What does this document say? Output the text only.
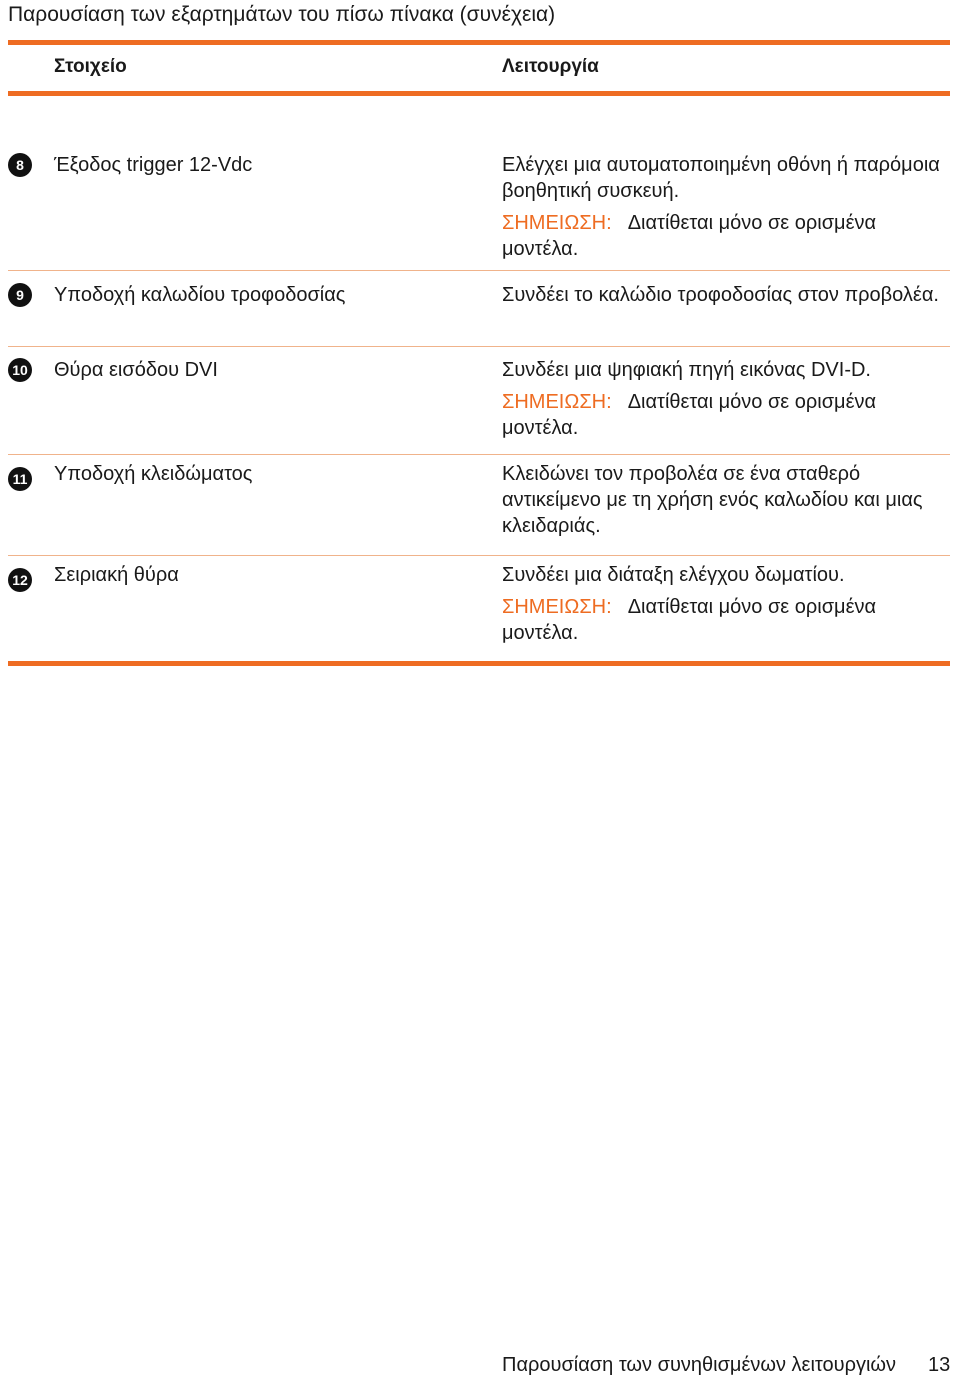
Παρουσίαση των εξαρτημάτων του πίσω πίνακα (συνέχεια)
Στοιχείο	Λειτουργία
8	Έξοδος trigger 12-Vdc	Ελέγχει μια αυτοματοποιημένη οθόνη ή παρόμοια βοηθητική συσκευή.
ΣΗΜΕΙΩΣΗ: Διατίθεται μόνο σε ορισμένα μοντέλα.
9	Υποδοχή καλωδίου τροφοδοσίας	Συνδέει το καλώδιο τροφοδοσίας στον προβολέα.
10 Θύρα εισόδου DVI	Συνδέει μια ψηφιακή πηγή εικόνας DVI-D.
ΣΗΜΕΙΩΣΗ: Διατίθεται μόνο σε ορισμένα μοντέλα.
11 Υποδοχή κλειδώματος	Κλειδώνει τον προβολέα σε ένα σταθερό αντικείμενο με τη χρήση ενός καλωδίου και μιας κλειδαριάς.
12 Σειριακή θύρα	Συνδέει μια διάταξη ελέγχου δωματίου.
ΣΗΜΕΙΩΣΗ: Διατίθεται μόνο σε ορισμένα μοντέλα.
Παρουσίαση των συνηθισμένων λειτουργιών 13
